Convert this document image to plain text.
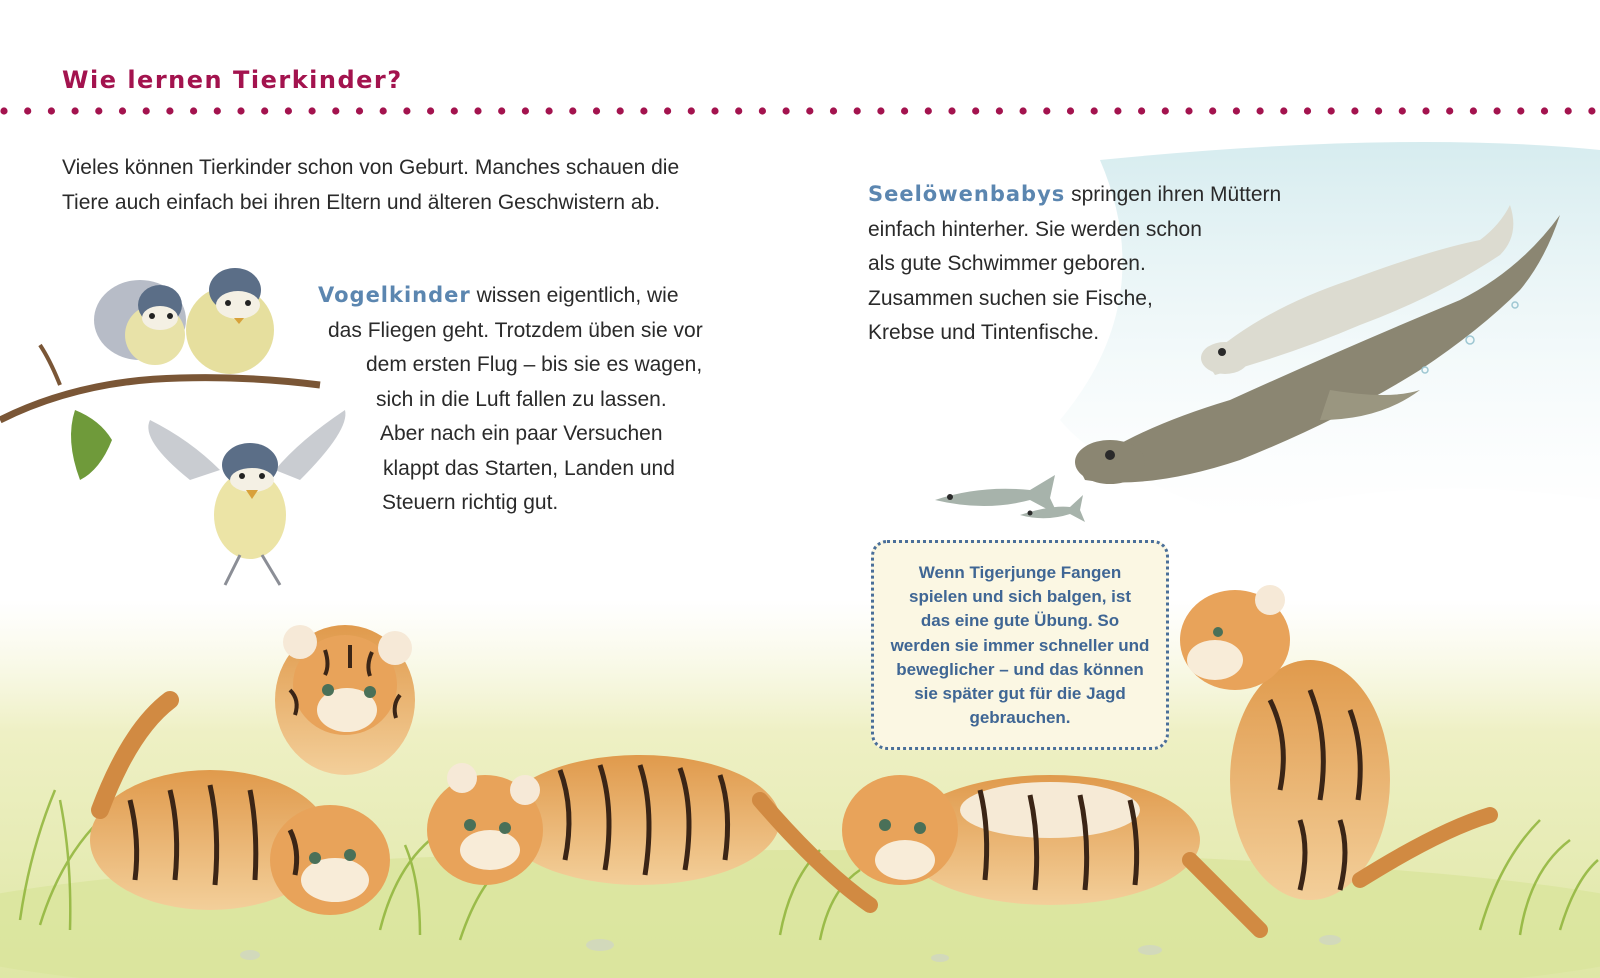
Wie lernen Tierkinder?

Vieles können Tierkinder schon von Geburt. Manches schauen die
Tiere auch einfach bei ihren Eltern und älteren Geschwistern ab.

Vogelkinder wissen eigentlich, wie
das Fliegen geht. Trotzdem üben sie vor
dem ersten Flug – bis sie es wagen,
sich in die Luft fallen zu lassen.
Aber nach ein paar Versuchen
klappt das Starten, Landen und
Steuern richtig gut.

Seelöwenbabys springen ihren Müttern
einfach hinterher. Sie werden schon
als gute Schwimmer geboren.
Zusammen suchen sie Fische,
Krebse und Tintenfische.

Wenn Tigerjunge Fangen
spielen und sich balgen, ist
das eine gute Übung. So
werden sie immer schneller und
beweglicher – und das können
sie später gut für die Jagd
gebrauchen.
